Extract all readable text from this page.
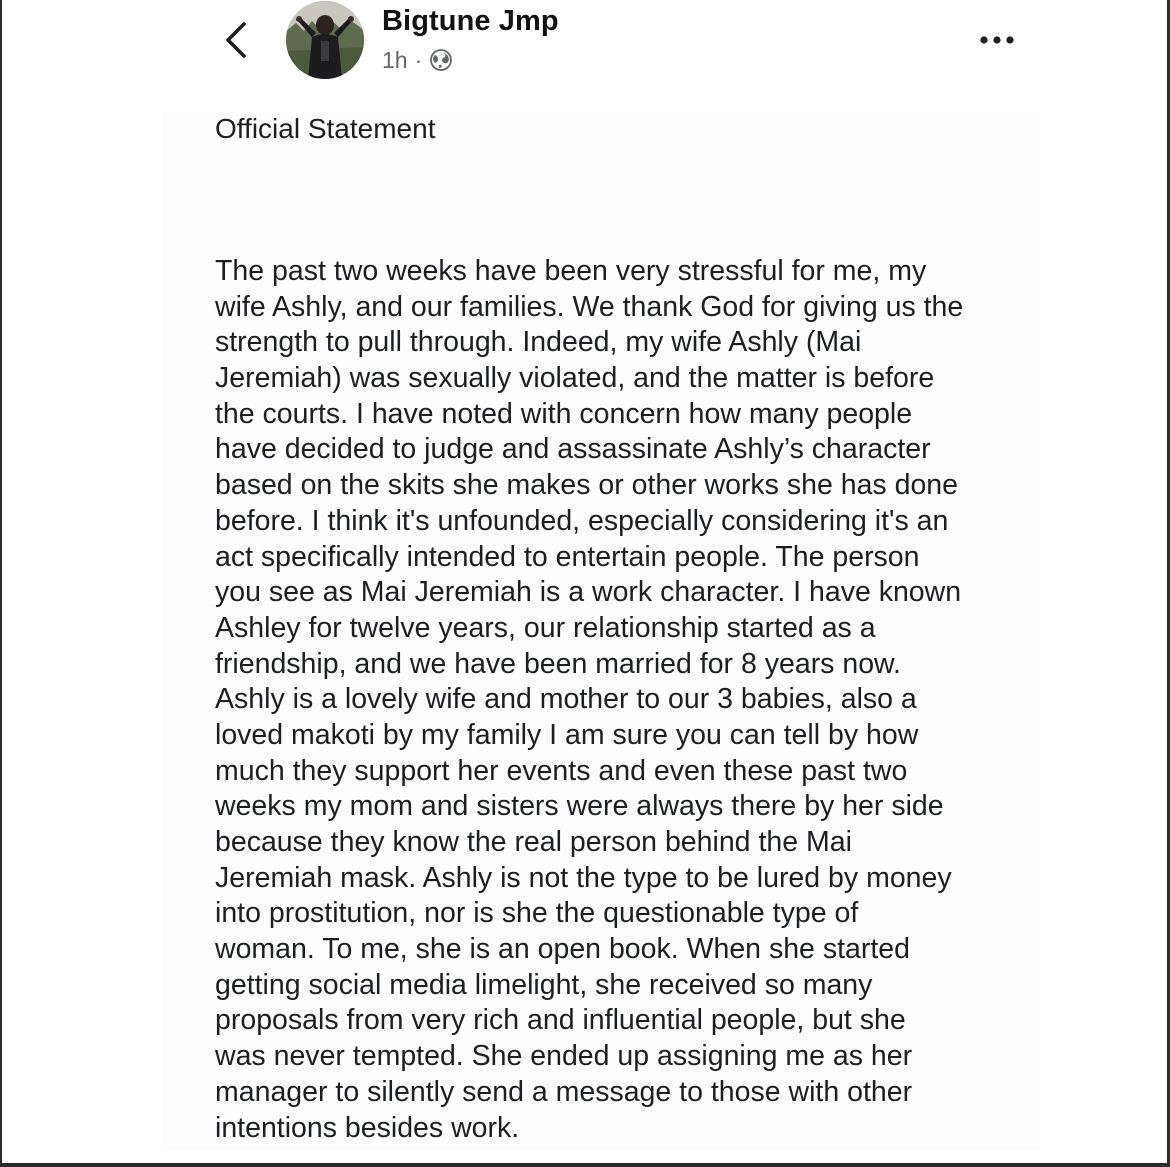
Bigtune Jmp
1h ·
Official Statement
The past two weeks have been very stressful for me, my
wife Ashly, and our families. We thank God for giving us the
strength to pull through. Indeed, my wife Ashly (Mai
Jeremiah) was sexually violated, and the matter is before
the courts. I have noted with concern how many people
have decided to judge and assassinate Ashly’s character
based on the skits she makes or other works she has done
before. I think it's unfounded, especially considering it's an
act specifically intended to entertain people. The person
you see as Mai Jeremiah is a work character. I have known
Ashley for twelve years, our relationship started as a
friendship, and we have been married for 8 years now.
Ashly is a lovely wife and mother to our 3 babies, also a
loved makoti by my family I am sure you can tell by how
much they support her events and even these past two
weeks my mom and sisters were always there by her side
because they know the real person behind the Mai
Jeremiah mask. Ashly is not the type to be lured by money
into prostitution, nor is she the questionable type of
woman. To me, she is an open book. When she started
getting social media limelight, she received so many
proposals from very rich and influential people, but she
was never tempted. She ended up assigning me as her
manager to silently send a message to those with other
intentions besides work.
